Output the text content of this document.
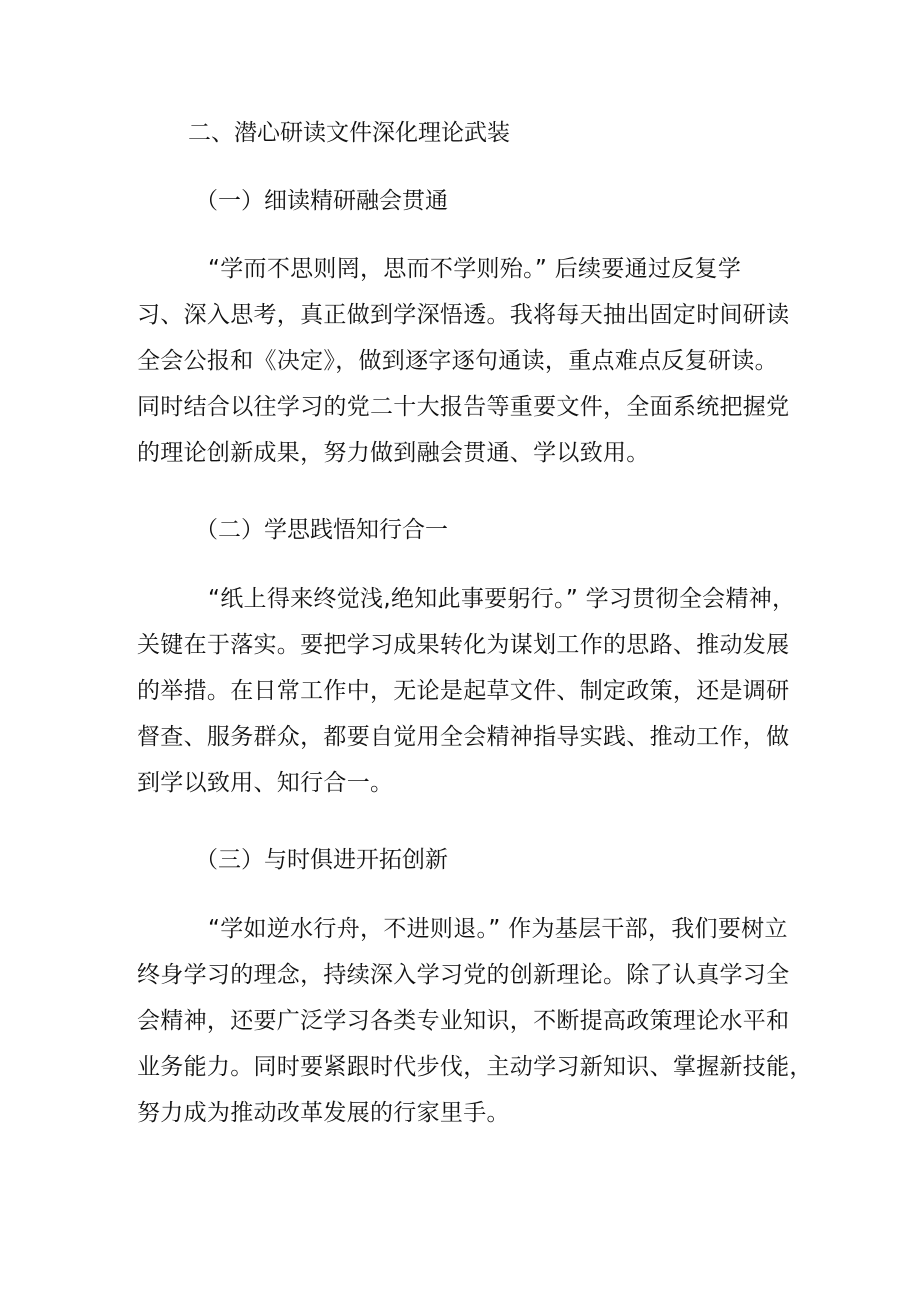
二、潜心研读文件深化理论武装
（一）细读精研融会贯通
“学而不思则罔，思而不学则殆。” 后续要通过反复学
习、深入思考，真正做到学深悟透。我将每天抽出固定时间研读
全会公报和《决定》，做到逐字逐句通读，重点难点反复研读。
同时结合以往学习的党二十大报告等重要文件，全面系统把握党
的理论创新成果，努力做到融会贯通、学以致用。
（二）学思践悟知行合一
“纸上得来终觉浅,绝知此事要躬行。” 学习贯彻全会精神，
关键在于落实。要把学习成果转化为谋划工作的思路、推动发展
的举措。在日常工作中，无论是起草文件、制定政策，还是调研
督查、服务群众，都要自觉用全会精神指导实践、推动工作，做
到学以致用、知行合一。
（三）与时俱进开拓创新
“学如逆水行舟，不进则退。” 作为基层干部，我们要树立
终身学习的理念，持续深入学习党的创新理论。除了认真学习全
会精神，还要广泛学习各类专业知识，不断提高政策理论水平和
业务能力。同时要紧跟时代步伐，主动学习新知识、掌握新技能，
努力成为推动改革发展的行家里手。
